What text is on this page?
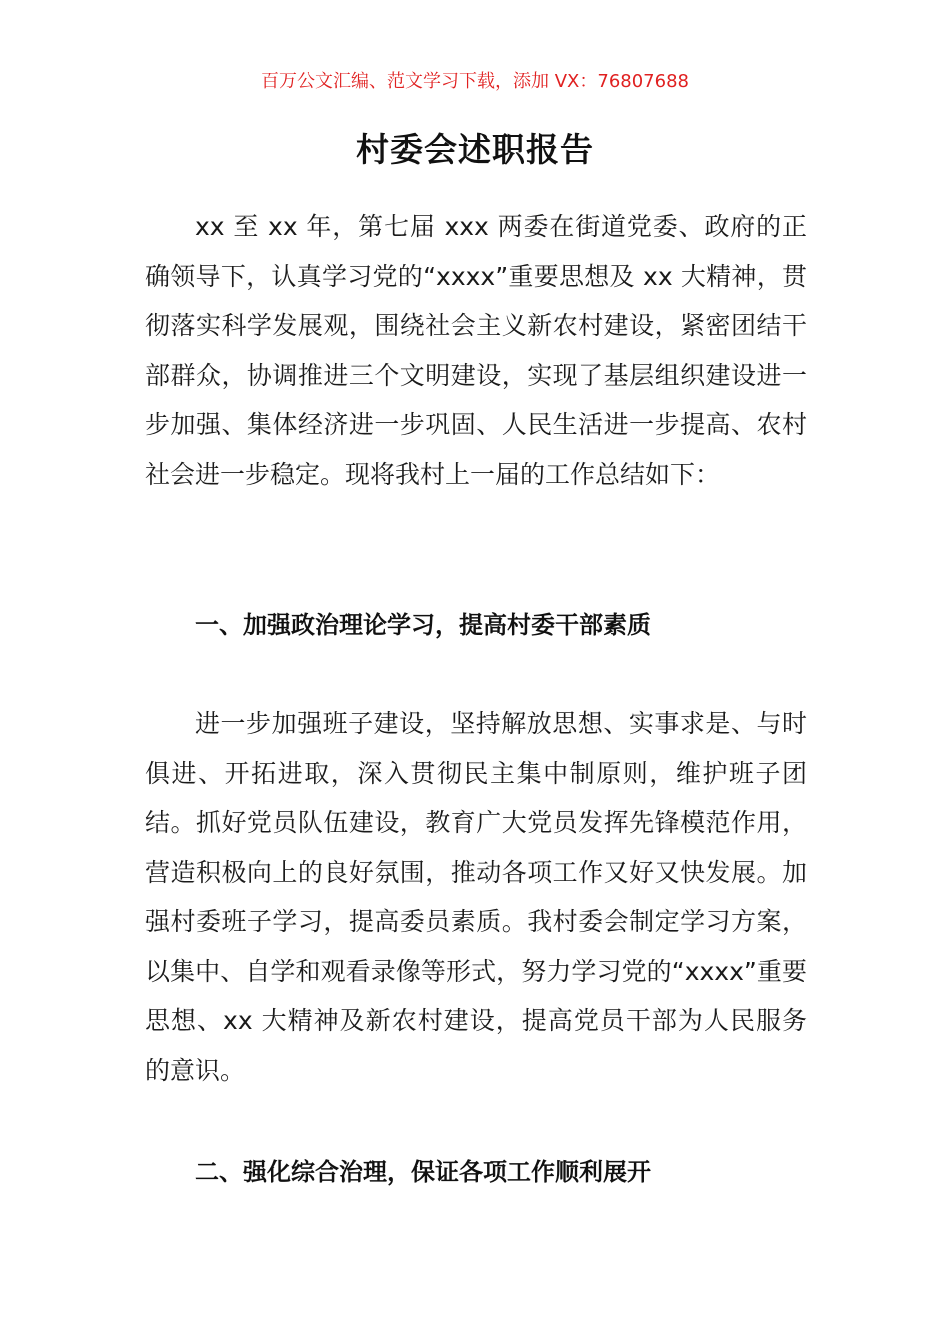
百万公文汇编、范文学习下载，添加 VX：76807688
村委会述职报告

xx 至 xx 年，第七届 xxx 两委在街道党委、政府的正确领导下，认真学习党的“xxxx”重要思想及 xx 大精神，贯彻落实科学发展观，围绕社会主义新农村建设，紧密团结干部群众，协调推进三个文明建设，实现了基层组织建设进一步加强、集体经济进一步巩固、人民生活进一步提高、农村社会进一步稳定。现将我村上一届的工作总结如下：

一、加强政治理论学习，提高村委干部素质

进一步加强班子建设，坚持解放思想、实事求是、与时俱进、开拓进取，深入贯彻民主集中制原则，维护班子团结。抓好党员队伍建设，教育广大党员发挥先锋模范作用，营造积极向上的良好氛围，推动各项工作又好又快发展。加强村委班子学习，提高委员素质。我村委会制定学习方案，以集中、自学和观看录像等形式，努力学习党的“xxxx”重要思想、xx 大精神及新农村建设，提高党员干部为人民服务的意识。

二、强化综合治理，保证各项工作顺利展开
